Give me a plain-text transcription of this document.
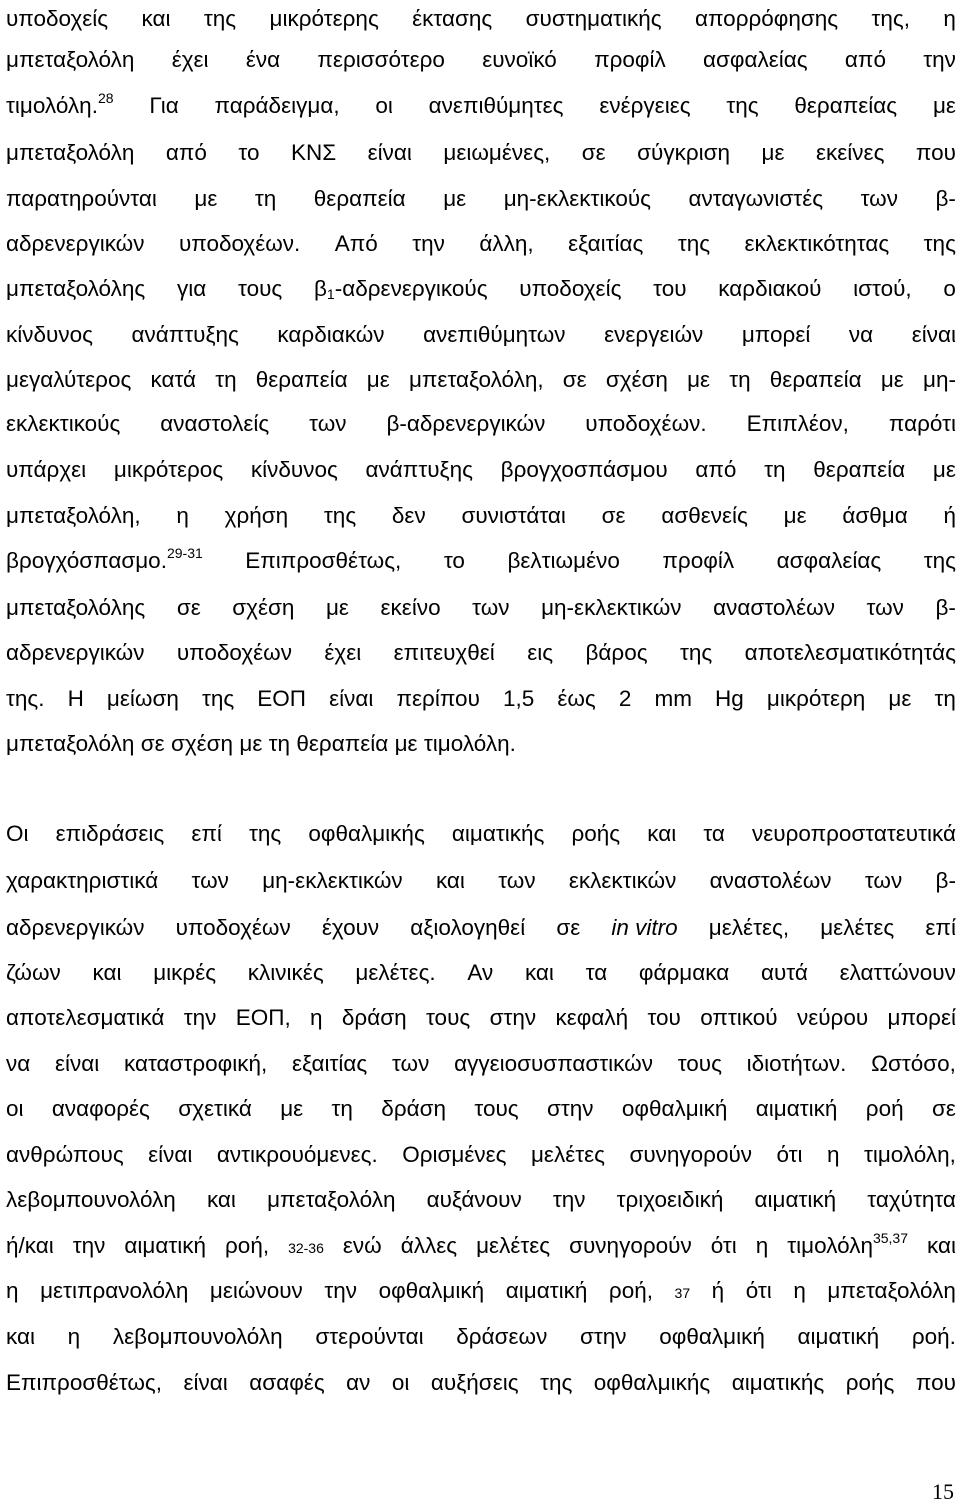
υποδοχείς και της μικρότερης έκτασης συστηματικής απορρόφησης της, η
μπεταξολόλη έχει ένα περισσότερο ευνοϊκό προφίλ ασφαλείας από την
τιμολόλη.$^{28}$ Για παράδειγμα, οι ανεπιθύμητες ενέργειες της θεραπείας με
μπεταξολόλη από το ΚΝΣ είναι μειωμένες, σε σύγκριση με εκείνες που
παρατηρούνται με τη θεραπεία με μη-εκλεκτικούς ανταγωνιστές των β-
αδρενεργικών υποδοχέων. Από την άλλη, εξαιτίας της εκλεκτικότητας της
μπεταξολόλης για τους $\beta_1$-αδρενεργικούς υποδοχείς του καρδιακού ιστού, ο
κίνδυνος ανάπτυξης καρδιακών ανεπιθύμητων ενεργειών μπορεί να είναι
μεγαλύτερος κατά τη θεραπεία με μπεταξολόλη, σε σχέση με τη θεραπεία με μη-
εκλεκτικούς αναστολείς των β-αδρενεργικών υποδοχέων. Επιπλέον, παρότι
υπάρχει μικρότερος κίνδυνος ανάπτυξης βρογχοσπάσμου από τη θεραπεία με
μπεταξολόλη, η χρήση της δεν συνιστάται σε ασθενείς με άσθμα ή
βρογχόσπασμο.$^{29-31}$ Επιπροσθέτως, το βελτιωμένο προφίλ ασφαλείας της
μπεταξολόλης σε σχέση με εκείνο των μη-εκλεκτικών αναστολέων των β-
αδρενεργικών υποδοχέων έχει επιτευχθεί εις βάρος της αποτελεσματικότητάς
της. Η μείωση της ΕΟΠ είναι περίπου 1,5 έως 2 mm Hg μικρότερη με τη
μπεταξολόλη σε σχέση με τη θεραπεία με τιμολόλη.
Οι επιδράσεις επί της οφθαλμικής αιματικής ροής και τα νευροπροστατευτικά
χαρακτηριστικά των μη-εκλεκτικών και των εκλεκτικών αναστολέων των β-
αδρενεργικών υποδοχέων έχουν αξιολογηθεί σε in vitro μελέτες, μελέτες επί
ζώων και μικρές κλινικές μελέτες. Αν και τα φάρμακα αυτά ελαττώνουν
αποτελεσματικά την ΕΟΠ, η δράση τους στην κεφαλή του οπτικού νεύρου μπορεί
να είναι καταστροφική, εξαιτίας των αγγειοσυσπαστικών τους ιδιοτήτων. Ωστόσο,
οι αναφορές σχετικά με τη δράση τους στην οφθαλμική αιματική ροή σε
ανθρώπους είναι αντικρουόμενες. Ορισμένες μελέτες συνηγορούν ότι η τιμολόλη,
λεβομπουνολόλη και μπεταξολόλη αυξάνουν την τριχοειδική αιματική ταχύτητα
ή/και την αιματική ροή, 32-36 ενώ άλλες μελέτες συνηγορούν ότι η τιμολόλη$^{35,37}$ και
η μετιπρανολόλη μειώνουν την οφθαλμική αιματική ροή, 37 ή ότι η μπεταξολόλη
και η λεβομπουνολόλη στερούνται δράσεων στην οφθαλμική αιματική ροή.
Επιπροσθέτως, είναι ασαφές αν οι αυξήσεις της οφθαλμικής αιματικής ροής που
15
